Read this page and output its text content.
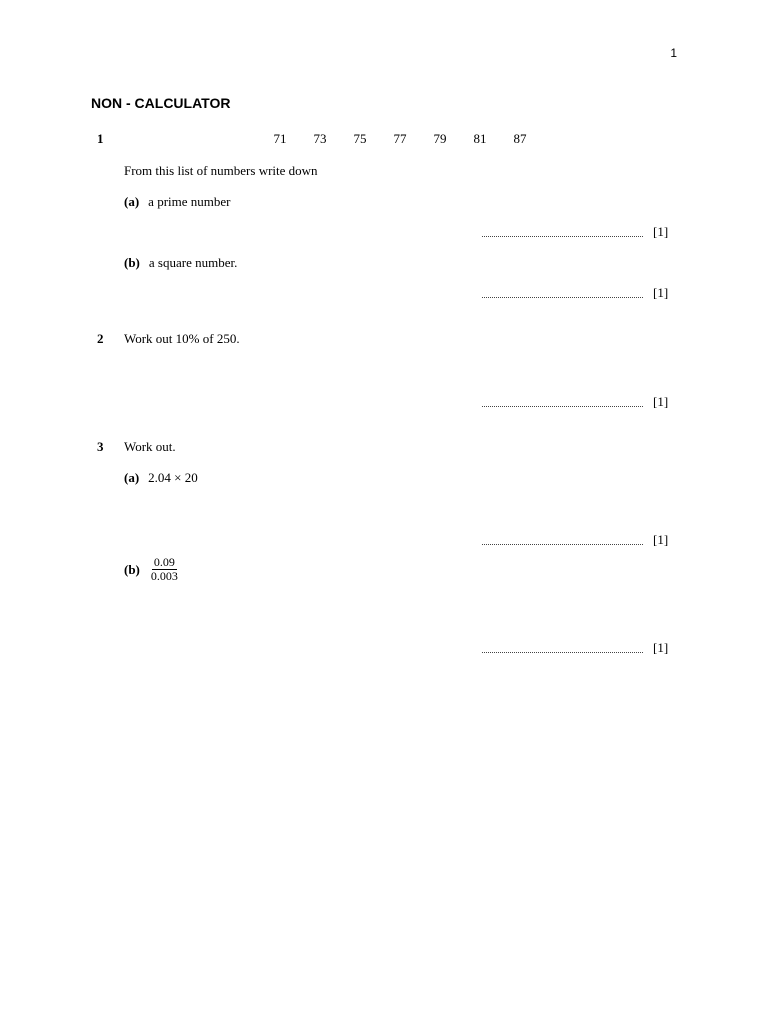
1
NON - CALCULATOR
1	71	73	75	77	79	81	87
From this list of numbers write down
(a) a prime number
[1]
(b) a square number.
[1]
2 Work out 10% of 250.
[1]
3 Work out.
(a) 2.04 × 20
[1]
$(b) \frac{0.09}{0.003}$
[1]
